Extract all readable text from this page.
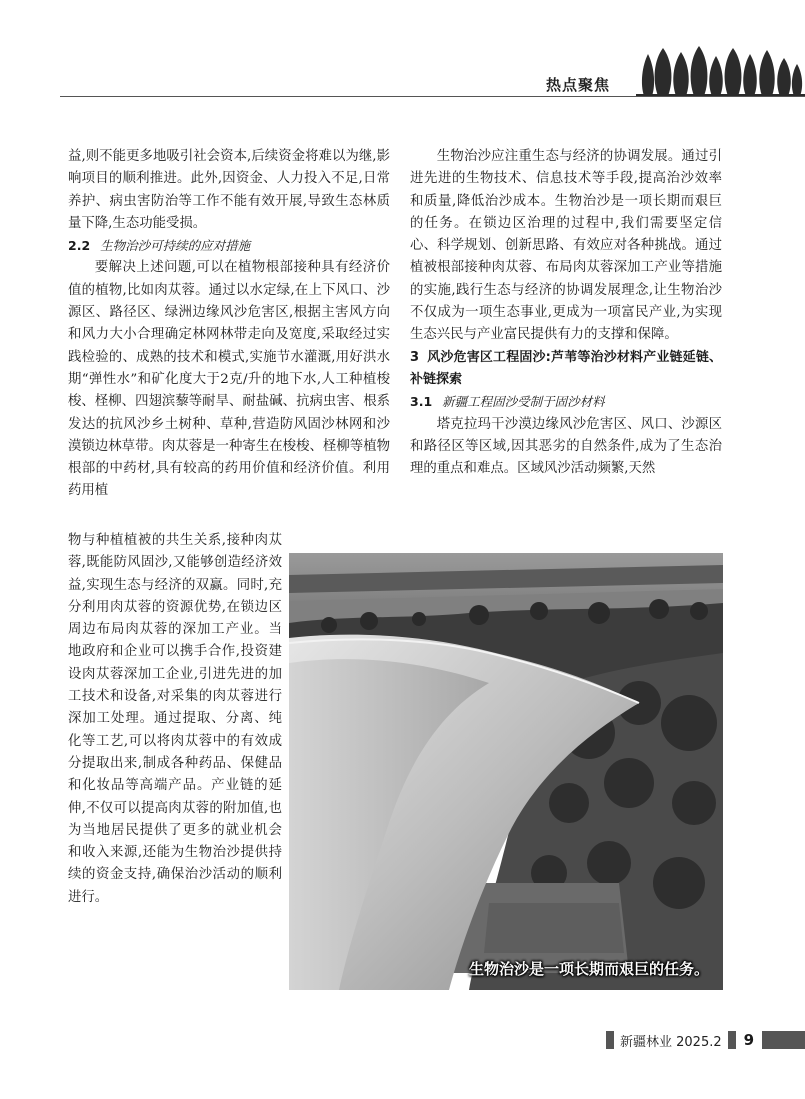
热点聚焦

益,则不能更多地吸引社会资本,后续资金将难以为继,影响项目的顺利推进。此外,因资金、人力投入不足,日常养护、病虫害防治等工作不能有效开展,导致生态林质量下降,生态功能受损。

2.2 生物治沙可持续的应对措施

要解决上述问题,可以在植物根部接种具有经济价值的植物,比如肉苁蓉。通过以水定绿,在上下风口、沙源区、路径区、绿洲边缘风沙危害区,根据主害风方向和风力大小合理确定林网林带走向及宽度,采取经过实践检验的、成熟的技术和模式,实施节水灌溉,用好洪水期“弹性水”和矿化度大于2克/升的地下水,人工种植梭梭、柽柳、四翅滨藜等耐旱、耐盐碱、抗病虫害、根系发达的抗风沙乡土树种、草种,营造防风固沙林网和沙漠锁边林草带。肉苁蓉是一种寄生在梭梭、柽柳等植物根部的中药材,具有较高的药用价值和经济价值。利用药用植

物与种植植被的共生关系,接种肉苁蓉,既能防风固沙,又能够创造经济效益,实现生态与经济的双赢。同时,充分利用肉苁蓉的资源优势,在锁边区周边布局肉苁蓉的深加工产业。当地政府和企业可以携手合作,投资建设肉苁蓉深加工企业,引进先进的加工技术和设备,对采集的肉苁蓉进行深加工处理。通过提取、分离、纯化等工艺,可以将肉苁蓉中的有效成分提取出来,制成各种药品、保健品和化妆品等高端产品。产业链的延伸,不仅可以提高肉苁蓉的附加值,也为当地居民提供了更多的就业机会和收入来源,还能为生物治沙提供持续的资金支持,确保治沙活动的顺利进行。

生物治沙应注重生态与经济的协调发展。通过引进先进的生物技术、信息技术等手段,提高治沙效率和质量,降低治沙成本。生物治沙是一项长期而艰巨的任务。在锁边区治理的过程中,我们需要坚定信心、科学规划、创新思路、有效应对各种挑战。通过植被根部接种肉苁蓉、布局肉苁蓉深加工产业等措施的实施,践行生态与经济的协调发展理念,让生物治沙不仅成为一项生态事业,更成为一项富民产业,为实现生态兴民与产业富民提供有力的支撑和保障。

3 风沙危害区工程固沙:芦苇等治沙材料产业链延链、补链探索

3.1 新疆工程固沙受制于固沙材料

塔克拉玛干沙漠边缘风沙危害区、风口、沙源区和路径区等区域,因其恶劣的自然条件,成为了生态治理的重点和难点。区域风沙活动频繁,天然

生物治沙是一项长期而艰巨的任务。
新疆林业 2025.2	9
